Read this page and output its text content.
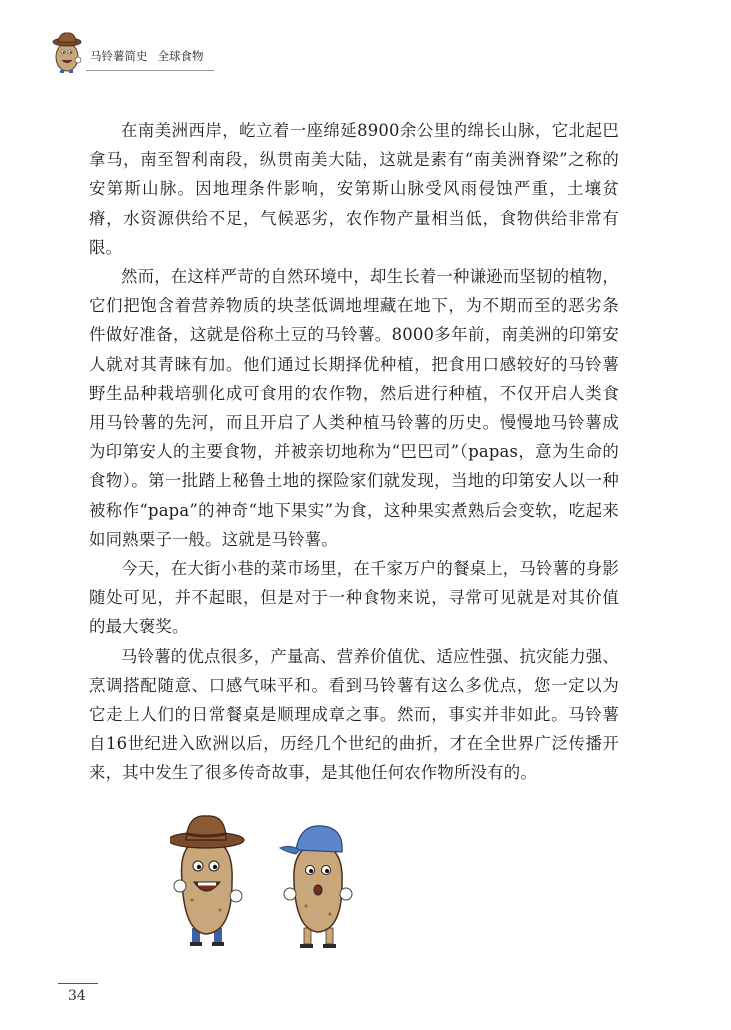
马铃薯简史 全球食物

在南美洲西岸，屹立着一座绵延8900余公里的绵长山脉，它北起巴拿马，南至智利南段，纵贯南美大陆，这就是素有“南美洲脊梁”之称的安第斯山脉。因地理条件影响，安第斯山脉受风雨侵蚀严重，土壤贫瘠，水资源供给不足，气候恶劣，农作物产量相当低，食物供给非常有限。

然而，在这样严苛的自然环境中，却生长着一种谦逊而坚韧的植物，它们把饱含着营养物质的块茎低调地埋藏在地下，为不期而至的恶劣条件做好准备，这就是俗称土豆的马铃薯。8000多年前，南美洲的印第安人就对其青睐有加。他们通过长期择优种植，把食用口感较好的马铃薯野生品种栽培驯化成可食用的农作物，然后进行种植，不仅开启人类食用马铃薯的先河，而且开启了人类种植马铃薯的历史。慢慢地马铃薯成为印第安人的主要食物，并被亲切地称为“巴巴司”（papas，意为生命的食物）。第一批踏上秘鲁土地的探险家们就发现，当地的印第安人以一种被称作“papa”的神奇“地下果实”为食，这种果实煮熟后会变软，吃起来如同熟栗子一般。这就是马铃薯。

今天，在大街小巷的菜市场里，在千家万户的餐桌上，马铃薯的身影随处可见，并不起眼，但是对于一种食物来说，寻常可见就是对其价值的最大褒奖。

马铃薯的优点很多，产量高、营养价值优、适应性强、抗灾能力强、烹调搭配随意、口感气味平和。看到马铃薯有这么多优点，您一定以为它走上人们的日常餐桌是顺理成章之事。然而，事实并非如此。马铃薯自16世纪进入欧洲以后，历经几个世纪的曲折，才在全世界广泛传播开来，其中发生了很多传奇故事，是其他任何农作物所没有的。

34
